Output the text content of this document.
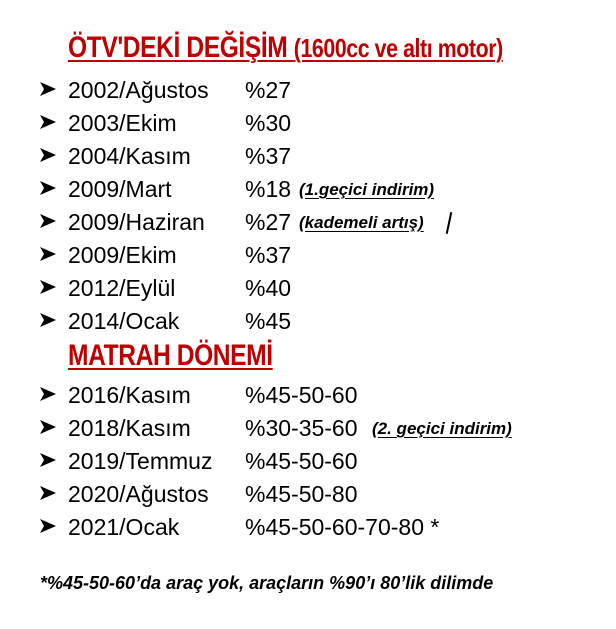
ÖTV'DEKİ DEĞİŞİM (1600cc ve altı motor)
2002/Ağustos %27
2003/Ekim	%30
2004/Kasım %37
2009/Mart	%18 (1.geçici indirim)
2009/Haziran %27 (kademeli artış)
2009/Ekim	%37
2012/Eylül	%40
2014/Ocak	%45
MATRAH DÖNEMİ
2016/Kasım %45-50-60
2018/Kasım %30-35-60 (2. geçici indirim)
2019/Temmuz %45-50-60
2020/Ağustos %45-50-80
2021/Ocak	%45-50-60-70-80 *
*%45-50-60’da araç yok, araçların %90’ı 80’lik dilimde
